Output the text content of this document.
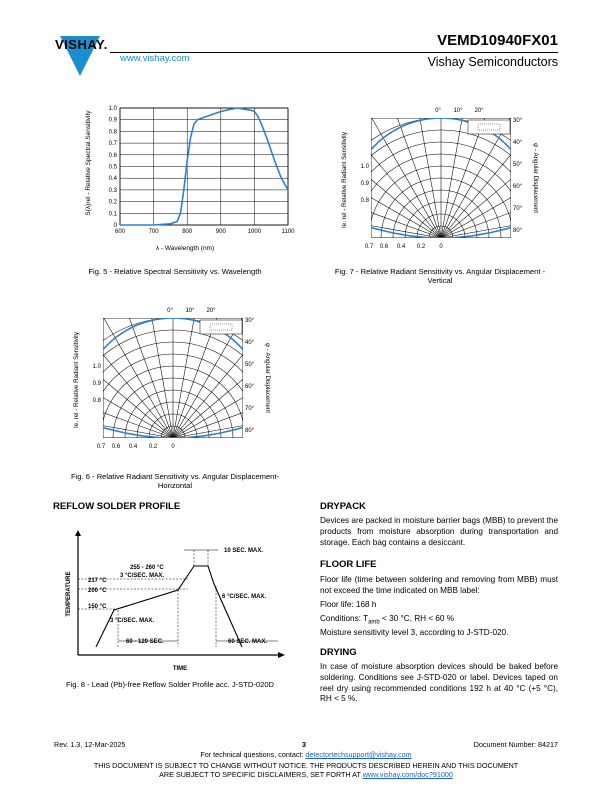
VISHAY.
www.vishay.com
VEMD10940FX01
Vishay Semiconductors
0
0.1
0.2
0.3
0.4
0.5
0.6
0.7
0.8
0.9
1.0
600	700	800	900	1000	1100
λ - Wavelength (nm)
S(λ)rel - Relative Spectral Sensitivity
Fig. 5 - Relative Spectral Sensitivity vs. Wavelength
0° 10° 20°
30°
40°
50°
60°
70°
80°
1.0
0.9
0.8
0.7 0.6 0.4 0.2 0
Ie, rel - Relative Radiant Sensitivity	φ - Angular Displacement
Fig. 7 - Relative Radiant Sensitivity vs. Angular Displacement -
Vertical
0° 10° 20°
30°
40°
50°
60°
70°
80°
1.0
0.9
0.8
0.7 0.6 0.4 0.2 0
Ie, rel - Relative Radiant Sensitivity	φ - Angular Displacement
Fig. 6 - Relative Radiant Sensitivity vs. Angular Displacement-
Horizontal
REFLOW SOLDER PROFILE
TEMPERATURE
TIME
255 - 260 °C
3 °C/SEC. MAX.
217 °C
200 °C
150 °C
3 °C/SEC. MAX.
10 SEC. MAX.
6 °C/SEC. MAX.
60 - 120 SEC.	60 SEC. MAX.
Fig. 8 - Lead (Pb)-free Reflow Solder Profile acc. J-STD-020D
DRYPACK
Devices are packed in moisture barrier bags (MBB) to prevent the products from moisture absorption during transportation and storage. Each bag contains a desiccant.
FLOOR LIFE
Floor life (time between soldering and removing from MBB) must not exceed the time indicated on MBB label:
Floor life: 168 h
Conditions: $T_{amb} < 30$ °C, RH < 60 %
Moisture sensitivity level 3, according to J-STD-020.
DRYING
In case of moisture absorption devices should be baked before soldering. Conditions see J-STD-020 or label. Devices taped on reel dry using recommended conditions 192 h at 40 °C (+5 °C), RH < 5 %.
Rev. 1.3, 12-Mar-2025	3	Document Number: 84217
For technical questions, contact: detectortechsupport@vishay.com
THIS DOCUMENT IS SUBJECT TO CHANGE WITHOUT NOTICE. THE PRODUCTS DESCRIBED HEREIN AND THIS DOCUMENT
ARE SUBJECT TO SPECIFIC DISCLAIMERS, SET FORTH AT www.vishay.com/doc?91000
